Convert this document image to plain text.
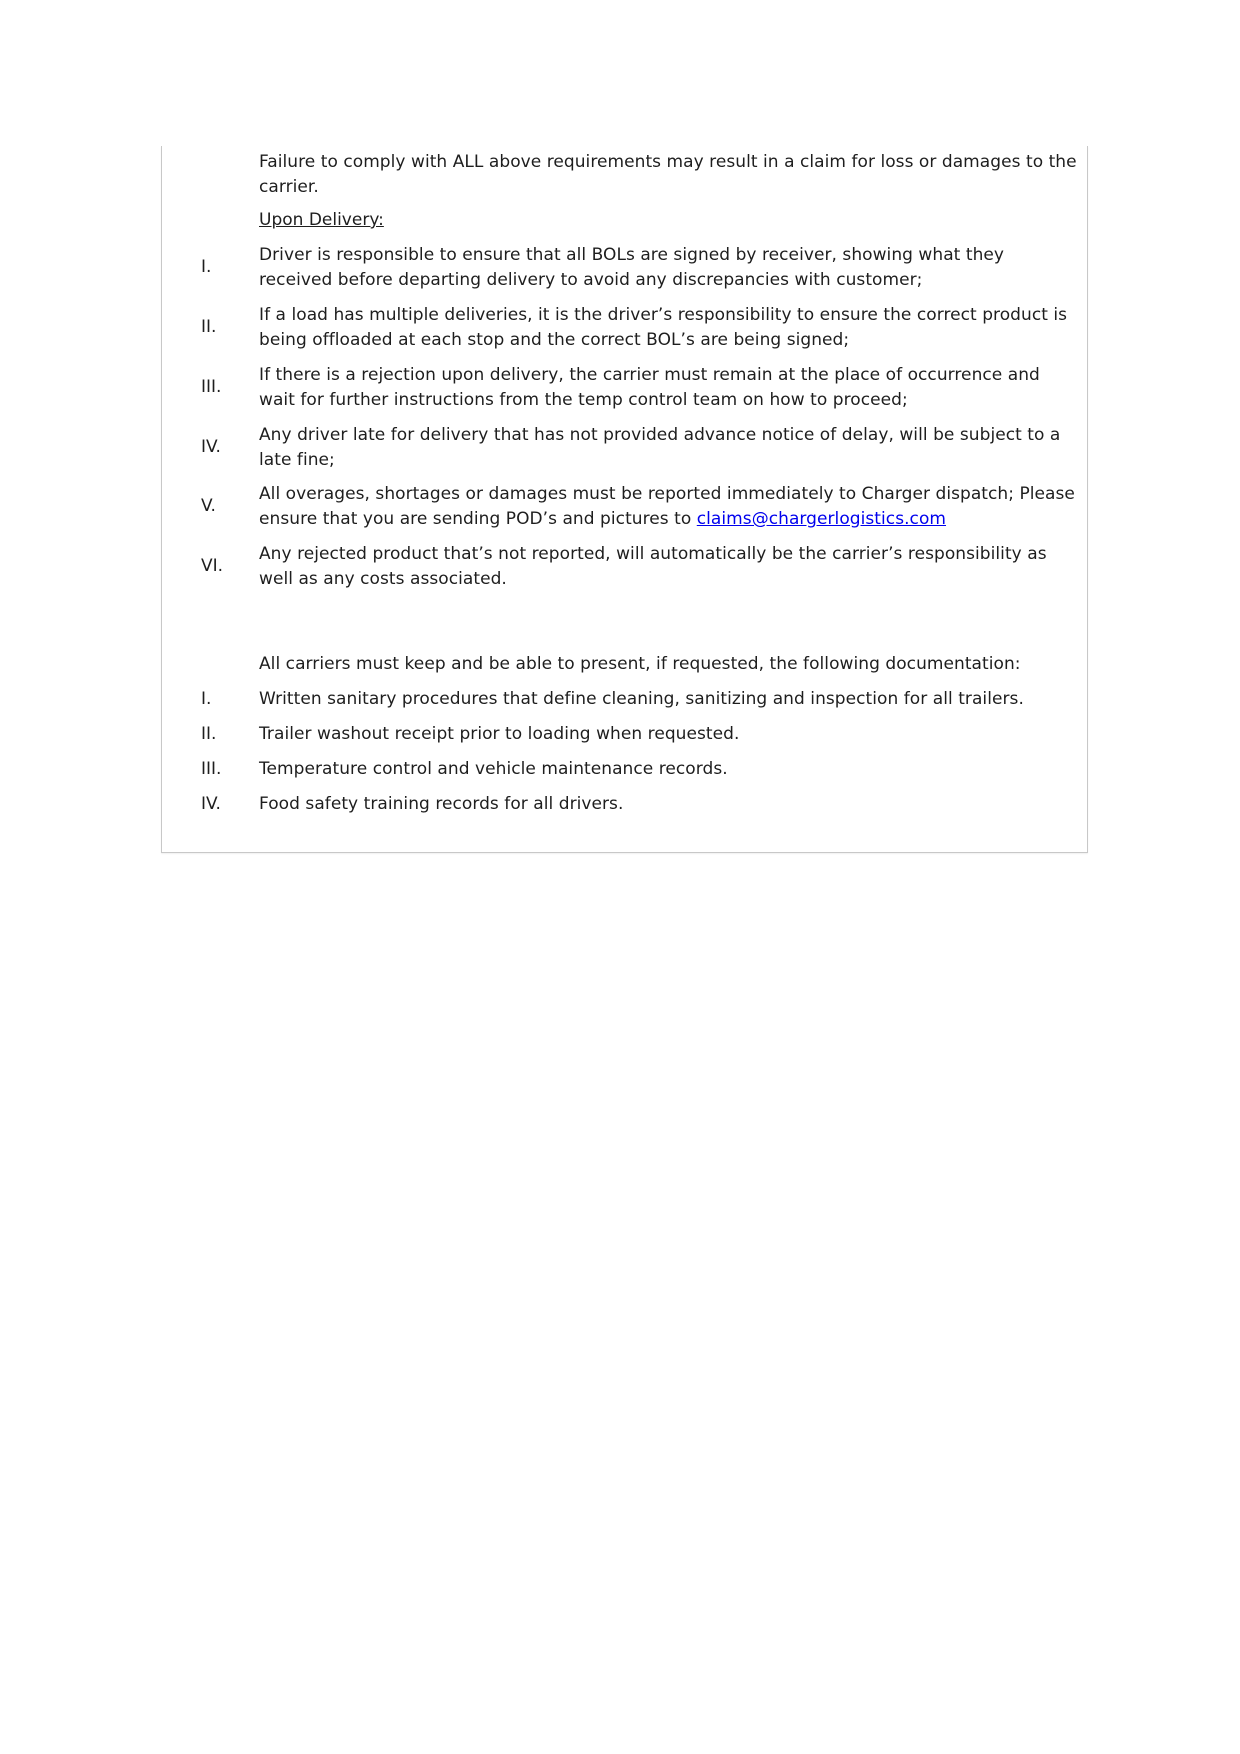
Failure to comply with ALL above requirements may result in a claim for loss or damages to the carrier.
Upon Delivery:
I.
Driver is responsible to ensure that all BOLs are signed by receiver, showing what they received before departing delivery to avoid any discrepancies with customer;
II.
If a load has multiple deliveries, it is the driver’s responsibility to ensure the correct product is being offloaded at each stop and the correct BOL’s are being signed;
III.
If there is a rejection upon delivery, the carrier must remain at the place of occurrence and wait for further instructions from the temp control team on how to proceed;
IV.
Any driver late for delivery that has not provided advance notice of delay, will be subject to a late fine;
V.
All overages, shortages or damages must be reported immediately to Charger dispatch; Please ensure that you are sending POD’s and pictures to claims@chargerlogistics.com
VI.
Any rejected product that’s not reported, will automatically be the carrier’s responsibility as well as any costs associated.
All carriers must keep and be able to present, if requested, the following documentation:
I.	Written sanitary procedures that define cleaning, sanitizing and inspection for all trailers.
II.	Trailer washout receipt prior to loading when requested.
III.	Temperature control and vehicle maintenance records.
IV.	Food safety training records for all drivers.
